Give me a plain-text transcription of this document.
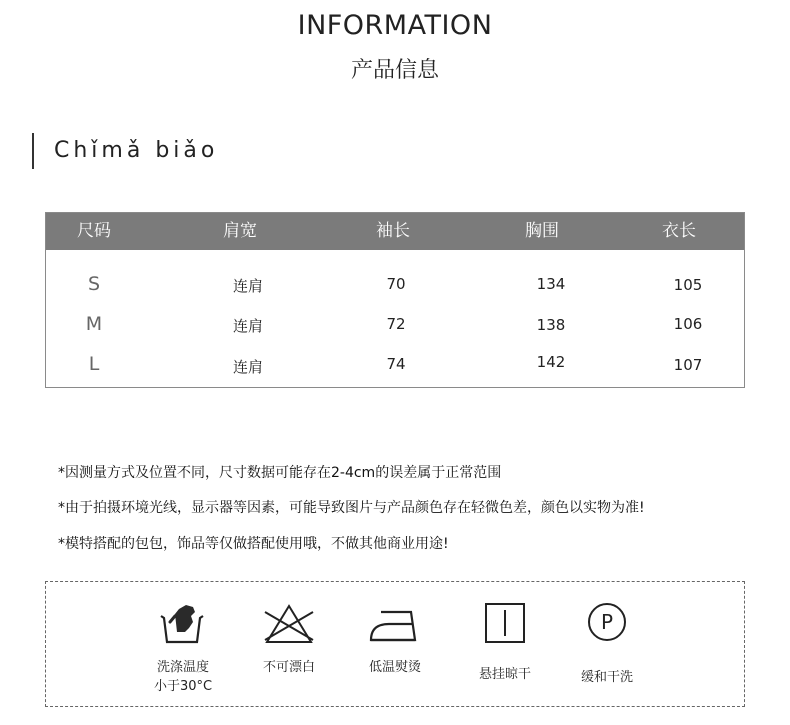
INFORMATION
产品信息
Chǐmǎ biǎo
尺码	肩宽	袖长	胸围	衣长
S	连肩	70	134	105
M	连肩	72	138	106
L	连肩	74	142	107
*因测量方式及位置不同，尺寸数据可能存在2-4cm的误差属于正常范围
*由于拍摄环境光线，显示器等因素，可能导致图片与产品颜色存在轻微色差，颜色以实物为准!
*模特搭配的包包，饰品等仅做搭配使用哦，不做其他商业用途!
洗涤温度
小于30°C
不可漂白	低温熨烫	悬挂晾干
P
缓和干洗
